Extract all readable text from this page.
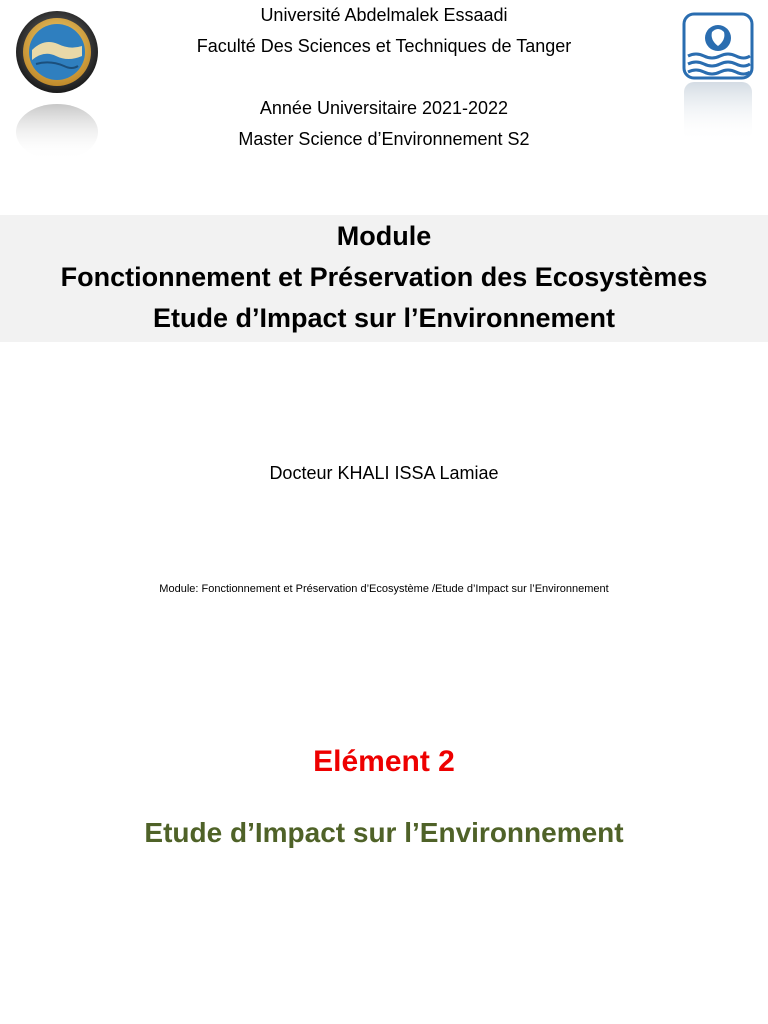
Université Abdelmalek Essaadi
Faculté Des Sciences et Techniques de Tanger
Année Universitaire 2021-2022
Master Science d’Environnement S2
Module
Fonctionnement et Préservation des Ecosystèmes
Etude d’Impact sur l’Environnement
Docteur KHALI ISSA Lamiae
Module: Fonctionnement et Préservation d’Ecosystème /Etude d’Impact sur l’Environnement
Elément 2
Etude d’Impact sur l’Environnement
